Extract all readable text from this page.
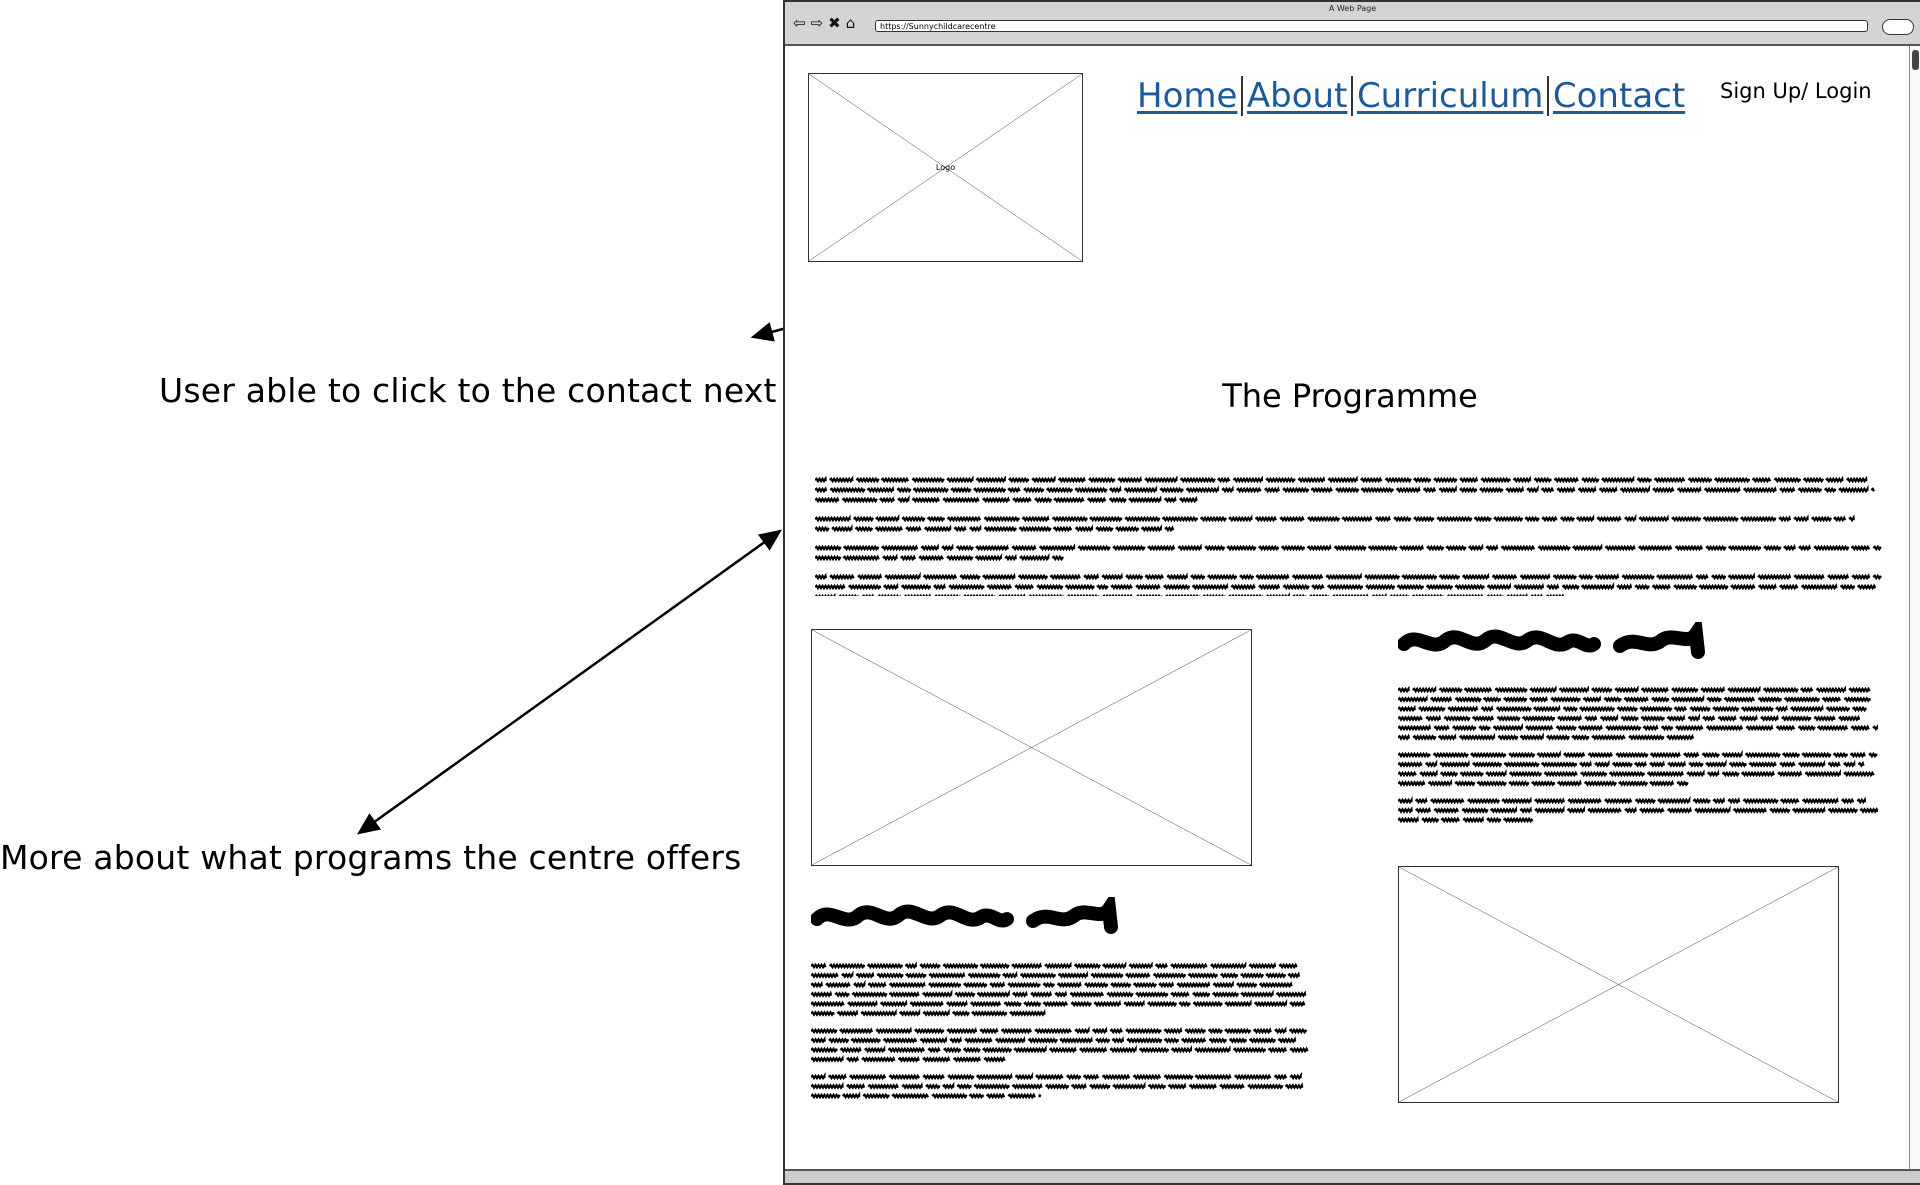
User able to click to the contact next
More about what programs the centre offers
A Web Page
⇦ ⇨ ✖ ⌂	https://Sunnychildcarecentre
Logo
Home About Curriculum Contact Sign Up/ Login
The Programme
